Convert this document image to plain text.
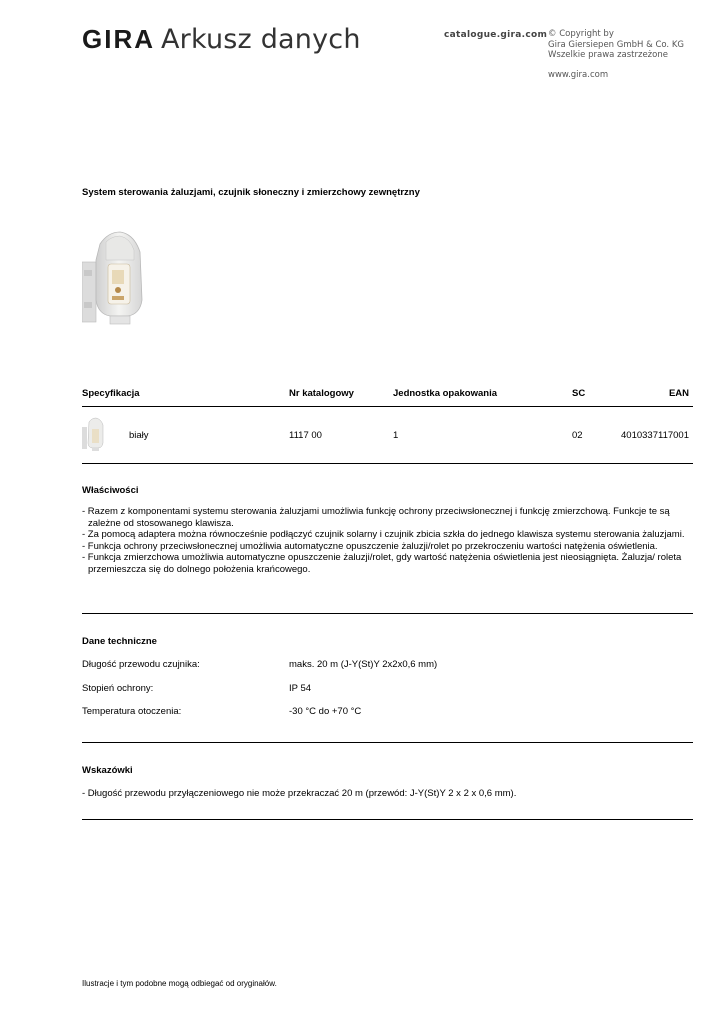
GIRA Arkusz danych	catalogue.gira.com © Copyright by
Gira Giersiepen GmbH & Co. KG
Wszelkie prawa zastrzeżone
www.gira.com
System sterowania żaluzjami, czujnik słoneczny i zmierzchowy zewnętrzny
Specyfikacja	Nr katalogowy	Jednostka opakowania	SC	EAN
biały	1117 00	1	02	4010337117001
Właściwości
- Razem z komponentami systemu sterowania żaluzjami umożliwia funkcję ochrony przeciwsłonecznej i funkcję zmierzchową. Funkcje te są zależne od stosowanego klawisza.
- Za pomocą adaptera można równocześnie podłączyć czujnik solarny i czujnik zbicia szkła do jednego klawisza systemu sterowania żaluzjami.
- Funkcja ochrony przeciwsłonecznej umożliwia automatyczne opuszczenie żaluzji/rolet po przekroczeniu wartości natężenia oświetlenia.
- Funkcja zmierzchowa umożliwia automatyczne opuszczenie żaluzji/rolet, gdy wartość natężenia oświetlenia jest nieosiągnięta. Żaluzja/ roleta przemieszcza się do dolnego położenia krańcowego.
Dane techniczne
Długość przewodu czujnika:	maks. 20 m (J-Y(St)Y 2x2x0,6 mm)
Stopień ochrony:	IP 54
Temperatura otoczenia:	-30 °C do +70 °C
Wskazówki
- Długość przewodu przyłączeniowego nie może przekraczać 20 m (przewód: J-Y(St)Y 2 x 2 x 0,6 mm).
Ilustracje i tym podobne mogą odbiegać od oryginałów.
